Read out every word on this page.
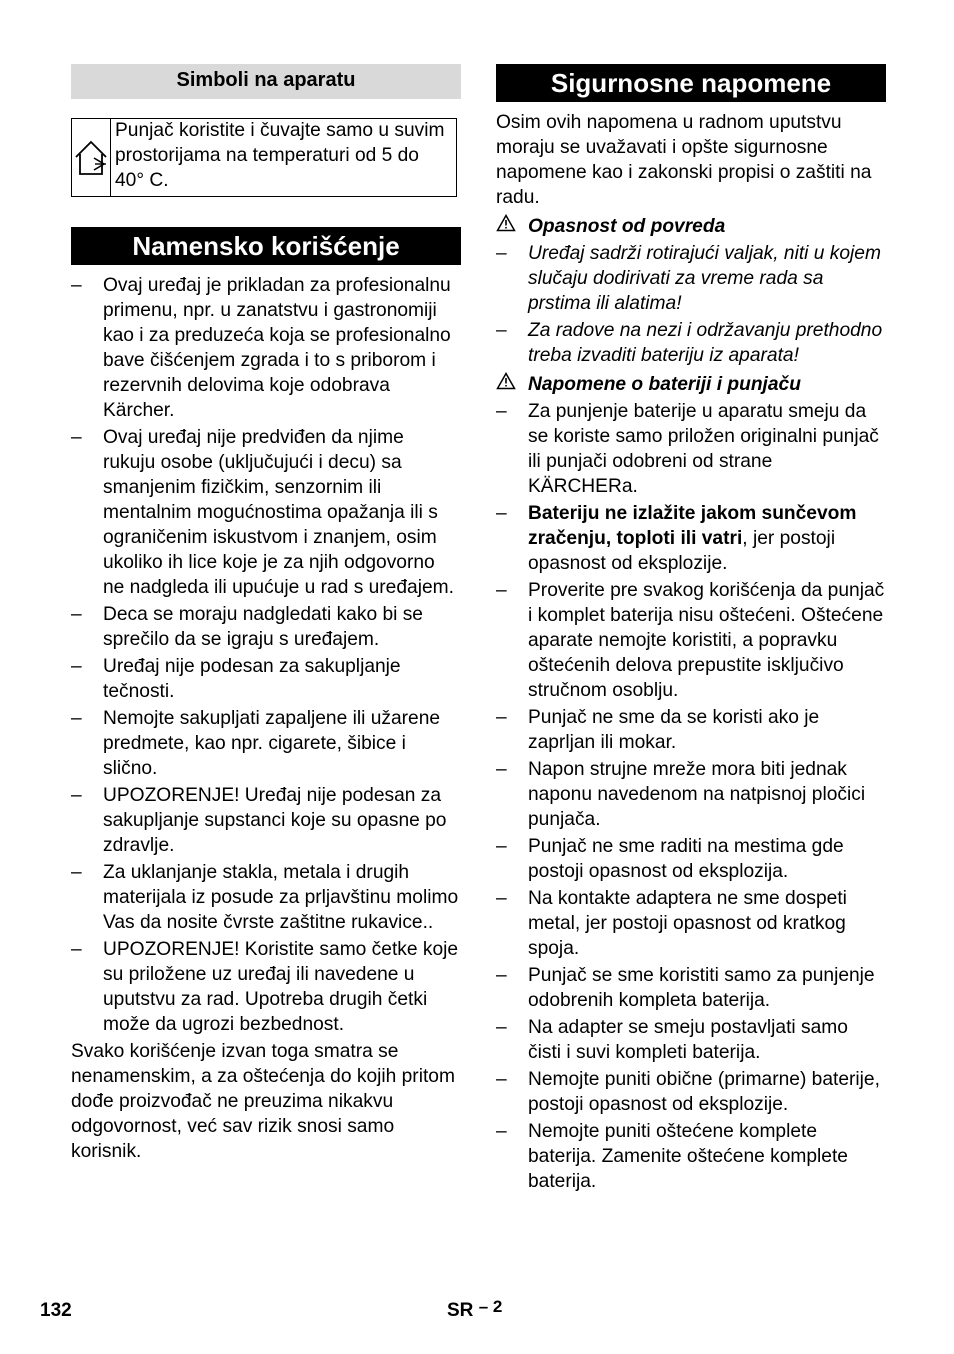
Simboli na aparatu
Punjač koristite i čuvajte samo u suvim prostorijama na temperaturi od 5 do 40° C.
Namensko korišćenje
– Ovaj uređaj je prikladan za profesionalnu primenu, npr. u zanatstvu i gastronomiji kao i za preduzeća koja se profesionalno bave čišćenjem zgrada i to s priborom i rezervnih delovima koje odobrava Kärcher.
– Ovaj uređaj nije predviđen da njime rukuju osobe (uključujući i decu) sa smanjenim fizičkim, senzornim ili mentalnim mogućnostima opažanja ili s ograničenim iskustvom i znanjem, osim ukoliko ih lice koje je za njih odgovorno ne nadgleda ili upućuje u rad s uređajem.
– Deca se moraju nadgledati kako bi se sprečilo da se igraju s uređajem.
– Uređaj nije podesan za sakupljanje tečnosti.
– Nemojte sakupljati zapaljene ili užarene predmete, kao npr. cigarete, šibice i slično.
– UPOZORENJE! Uređaj nije podesan za sakupljanje supstanci koje su opasne po zdravlje.
– Za uklanjanje stakla, metala i drugih materijala iz posude za prljavštinu molimo Vas da nosite čvrste zaštitne rukavice..
– UPOZORENJE! Koristite samo četke koje su priložene uz uređaj ili navedene u uputstvu za rad. Upotreba drugih četki može da ugrozi bezbednost.
Svako korišćenje izvan toga smatra se nenamenskim, a za oštećenja do kojih pritom dođe proizvođač ne preuzima nikakvu odgovornost, već sav rizik snosi samo korisnik.
Sigurnosne napomene
Osim ovih napomena u radnom uputstvu moraju se uvažavati i opšte sigurnosne napomene kao i zakonski propisi o zaštiti na radu.
Opasnost od povreda
– Uređaj sadrži rotirajući valjak, niti u kojem slučaju dodirivati za vreme rada sa prstima ili alatima!
– Za radove na nezi i održavanju prethodno treba izvaditi bateriju iz aparata!
Napomene o bateriji i punjaču
– Za punjenje baterije u aparatu smeju da se koriste samo priložen originalni punjač ili punjači odobreni od strane KÄRCHERa.
– Bateriju ne izlažite jakom sunčevom zračenju, toploti ili vatri, jer postoji opasnost od eksplozije.
– Proverite pre svakog korišćenja da punjač i komplet baterija nisu oštećeni. Oštećene aparate nemojte koristiti, a popravku oštećenih delova prepustite isključivo stručnom osoblju.
– Punjač ne sme da se koristi ako je zaprljan ili mokar.
– Napon strujne mreže mora biti jednak naponu navedenom na natpisnoj pločici punjača.
– Punjač ne sme raditi na mestima gde postoji opasnost od eksplozija.
– Na kontakte adaptera ne sme dospeti metal, jer postoji opasnost od kratkog spoja.
– Punjač se sme koristiti samo za punjenje odobrenih kompleta baterija.
– Na adapter se smeju postavljati samo čisti i suvi kompleti baterija.
– Nemojte puniti obične (primarne) baterije, postoji opasnost od eksplozije.
– Nemojte puniti oštećene komplete baterija. Zamenite oštećene komplete baterija.
132	SR – 2
